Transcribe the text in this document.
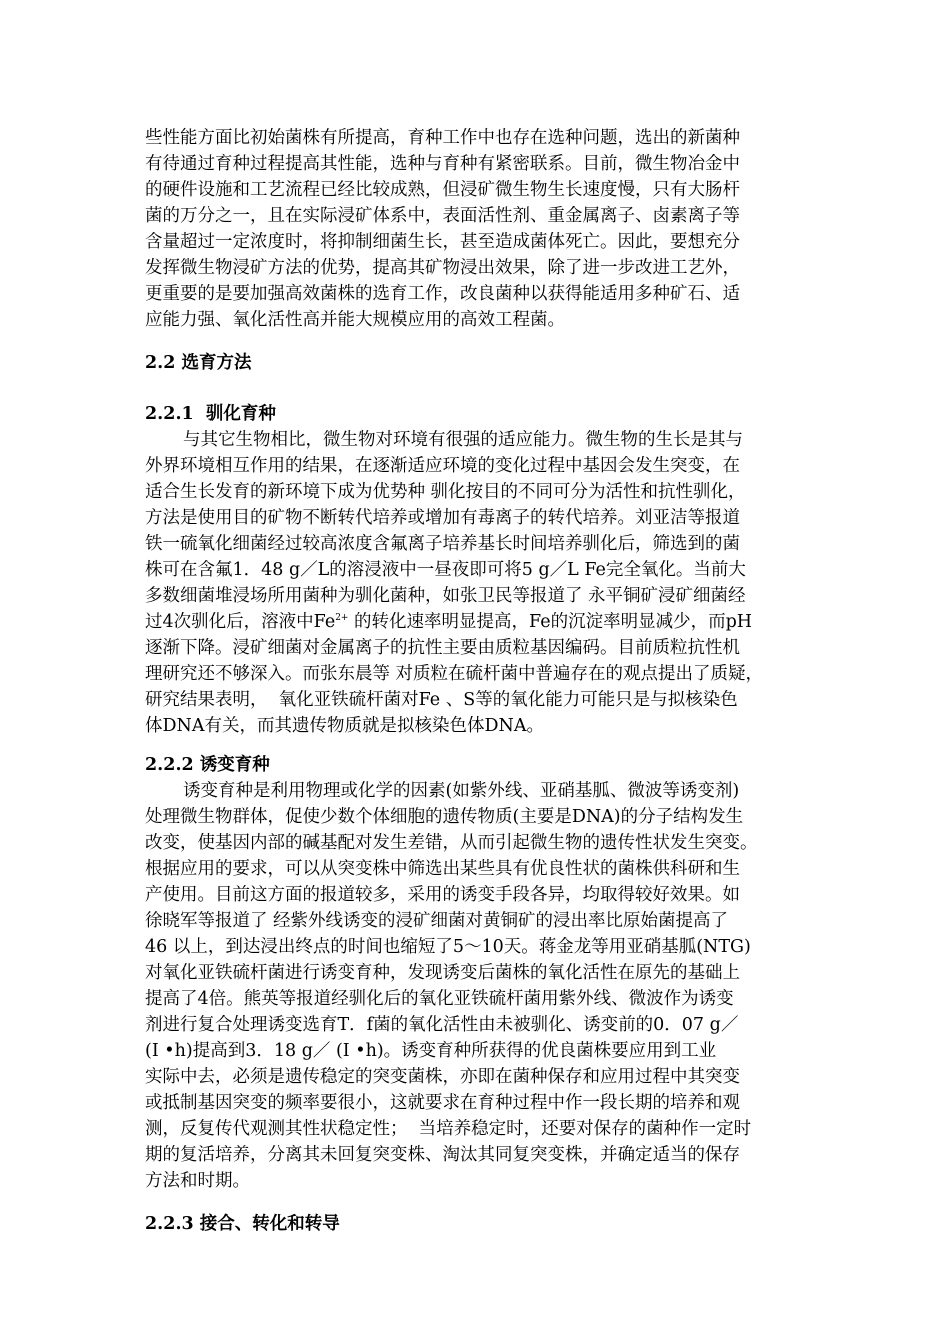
些性能方面比初始菌株有所提高，育种工作中也存在选种问题，选出的新菌种
有待通过育种过程提高其性能，选种与育种有紧密联系。目前，微生物冶金中
的硬件设施和工艺流程已经比较成熟，但浸矿微生物生长速度慢，只有大肠杆
菌的万分之一，且在实际浸矿体系中，表面活性剂、重金属离子、卤素离子等
含量超过一定浓度时，将抑制细菌生长，甚至造成菌体死亡。因此，要想充分
发挥微生物浸矿方法的优势，提高其矿物浸出效果，除了进一步改进工艺外，
更重要的是要加强高效菌株的选育工作，改良菌种以获得能适用多种矿石、适
应能力强、氧化活性高并能大规模应用的高效工程菌。
2.2 选育方法
2.2.1  驯化育种
与其它生物相比，微生物对环境有很强的适应能力。微生物的生长是其与
外界环境相互作用的结果，在逐渐适应环境的变化过程中基因会发生突变，在
适合生长发育的新环境下成为优势种 驯化按目的不同可分为活性和抗性驯化，
方法是使用目的矿物不断转代培养或增加有毒离子的转代培养。刘亚洁等报道
铁一硫氧化细菌经过较高浓度含氟离子培养基长时间培养驯化后，筛选到的菌
株可在含氟1．48 g／L的溶浸液中一昼夜即可将5 g／L Fe完全氧化。当前大
多数细菌堆浸场所用菌种为驯化菌种，如张卫民等报道了 永平铜矿浸矿细菌经
过4次驯化后，溶液中$Fe^{2+}$ 的转化速率明显提高，Fe的沉淀率明显减少，而pH
逐渐下降。浸矿细菌对金属离子的抗性主要由质粒基因编码。目前质粒抗性机
理研究还不够深入。而张东晨等 对质粒在硫杆菌中普遍存在的观点提出了质疑，
研究结果表明，  氧化亚铁硫杆菌对Fe 、S等的氧化能力可能只是与拟核染色
体DNA有关，而其遗传物质就是拟核染色体DNA。
2.2.2 诱变育种
诱变育种是利用物理或化学的因素(如紫外线、亚硝基胍、微波等诱变剂)
处理微生物群体，促使少数个体细胞的遗传物质(主要是DNA)的分子结构发生
改变，使基因内部的碱基配对发生差错，从而引起微生物的遗传性状发生突变。
根据应用的要求，可以从突变株中筛选出某些具有优良性状的菌株供科研和生
产使用。目前这方面的报道较多，采用的诱变手段各异，均取得较好效果。如
徐晓军等报道了 经紫外线诱变的浸矿细菌对黄铜矿的浸出率比原始菌提高了
46 以上，到达浸出终点的时间也缩短了5～10天。蒋金龙等用亚硝基胍(NTG)
对氧化亚铁硫杆菌进行诱变育种，发现诱变后菌株的氧化活性在原先的基础上
提高了4倍。熊英等报道经驯化后的氧化亚铁硫杆菌用紫外线、微波作为诱变
剂进行复合处理诱变选育T．f菌的氧化活性由未被驯化、诱变前的0．07 g／
(I •h)提高到3．18 g／ (I •h)。诱变育种所获得的优良菌株要应用到工业
实际中去，必须是遗传稳定的突变菌株，亦即在菌种保存和应用过程中其突变
或抵制基因突变的频率要很小，这就要求在育种过程中作一段长期的培养和观
测，反复传代观测其性状稳定性；  当培养稳定时，还要对保存的菌种作一定时
期的复活培养，分离其未回复突变株、淘汰其同复突变株，并确定适当的保存
方法和时期。
2.2.3 接合、转化和转导
